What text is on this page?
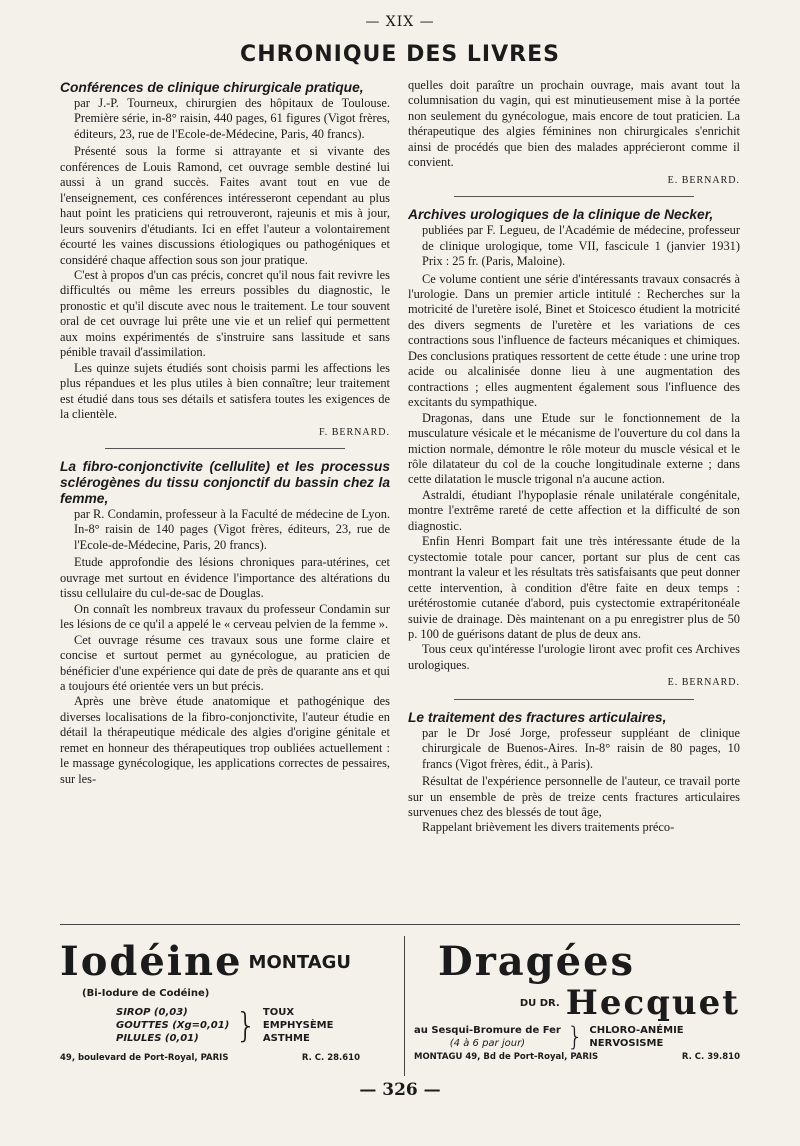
— XIX —
CHRONIQUE DES LIVRES
Conférences de clinique chirurgicale pratique,

par J.-P. Tourneux, chirurgien des hôpitaux de Toulouse. Première série, in-8° raisin, 440 pages, 61 figures (Vigot frères, éditeurs, 23, rue de l'Ecole-de-Médecine, Paris, 40 francs).

Présenté sous la forme si attrayante et si vivante des conférences de Louis Ramond, cet ouvrage semble destiné lui aussi à un grand succès. Faites avant tout en vue de l'enseignement, ces conférences intéresseront cependant au plus haut point les praticiens qui retrouveront, rajeunis et mis à jour, leurs souvenirs d'étudiants. Ici en effet l'auteur a volontairement écourté les vaines discussions étiologiques ou pathogéniques et considéré chaque affection sous son jour pratique.

C'est à propos d'un cas précis, concret qu'il nous fait revivre les difficultés ou même les erreurs possibles du diagnostic, le pronostic et qu'il discute avec nous le traitement. Le tour souvent oral de cet ouvrage lui prête une vie et un relief qui permettent aux moins expérimentés de s'instruire sans lassitude et sans pénible travail d'assimilation.

Les quinze sujets étudiés sont choisis parmi les affections les plus répandues et les plus utiles à bien connaître; leur traitement est étudié dans tous ses détails et satisfera toutes les exigences de la clientèle.

F. BERNARD.
La fibro-conjonctivite (cellulite) et les processus sclérogènes du tissu conjonctif du bassin chez la femme,

par R. Condamin, professeur à la Faculté de médecine de Lyon. In-8° raisin de 140 pages (Vigot frères, éditeurs, 23, rue de l'Ecole-de-Médecine, Paris, 20 francs).

Etude approfondie des lésions chroniques para-utérines, cet ouvrage met surtout en évidence l'importance des altérations du tissu cellulaire du cul-de-sac de Douglas.

On connaît les nombreux travaux du professeur Condamin sur les lésions de ce qu'il a appelé le « cerveau pelvien de la femme ».

Cet ouvrage résume ces travaux sous une forme claire et concise et surtout permet au gynécologue, au praticien de bénéficier d'une expérience qui date de près de quarante ans et qui a toujours été orientée vers un but précis.

Après une brève étude anatomique et pathogénique des diverses localisations de la fibro-conjonctivite, l'auteur étudie en détail la thérapeutique médicale des algies d'origine génitale et remet en honneur des thérapeutiques trop oubliées actuellement : le massage gynécologique, les applications correctes de pessaires, sur les-

quelles doit paraître un prochain ouvrage, mais avant tout la columnisation du vagin, qui est minutieusement mise à la portée non seulement du gynécologue, mais encore de tout praticien. La thérapeutique des algies féminines non chirurgicales s'enrichit ainsi de procédés que bien des malades apprécieront comme il convient.

E. BERNARD.
Archives urologiques de la clinique de Necker,

publiées par F. Legueu, de l'Académie de médecine, professeur de clinique urologique, tome VII, fascicule 1 (janvier 1931) Prix : 25 fr. (Paris, Maloine).

Ce volume contient une série d'intéressants travaux consacrés à l'urologie. Dans un premier article intitulé : Recherches sur la motricité de l'uretère isolé, Binet et Stoicesco étudient la motricité des divers segments de l'uretère et les variations de ces contractions sous l'influence de facteurs mécaniques et chimiques. Des conclusions pratiques ressortent de cette étude : une urine trop acide ou alcalinisée donne lieu à une augmentation des contractions ; elles augmentent également sous l'influence des excitants du sympathique.

Dragonas, dans une Etude sur le fonctionnement de la musculature vésicale et le mécanisme de l'ouverture du col dans la miction normale, démontre le rôle moteur du muscle vésical et le rôle dilatateur du col de la couche longitudinale externe ; dans cette dilatation le muscle trigonal n'a aucune action.

Astraldi, étudiant l'hypoplasie rénale unilatérale congénitale, montre l'extrême rareté de cette affection et la difficulté de son diagnostic.

Enfin Henri Bompart fait une très intéressante étude de la cystectomie totale pour cancer, portant sur plus de cent cas montrant la valeur et les résultats très satisfaisants que peut donner cette intervention, à condition d'être faite en deux temps : urétérostomie cutanée d'abord, puis cystectomie extrapéritonéale suivie de drainage. Dès maintenant on a pu enregistrer plus de 50 p. 100 de guérisons datant de plus de deux ans.

Tous ceux qu'intéresse l'urologie liront avec profit ces Archives urologiques.

E. BERNARD.
Le traitement des fractures articulaires,

par le Dr José Jorge, professeur suppléant de clinique chirurgicale de Buenos-Aires. In-8° raisin de 80 pages, 10 francs (Vigot frères, édit., à Paris).

Résultat de l'expérience personnelle de l'auteur, ce travail porte sur un ensemble de près de treize cents fractures articulaires survenues chez des blessés de tout âge,

Rappelant brièvement les divers traitements préco-

Iodéine MONTAGU
(Bi-Iodure de Codéine)
SIROP (0,03)
GOUTTES (Xg=0,01)
PILULES (0,01)	} TOUX
EMPHYSÈME
ASTHME
49, boulevard de Port-Royal, PARIS	R. C. 28.610
Dragées
DU DR. Hecquet
au Sesqui-Bromure de Fer
(4 à 6 par jour)	} CHLORO-ANÉMIE
NERVOSISME
MONTAGU 49, Bd de Port-Royal, PARIS	R. C. 39.810
— 326 —
